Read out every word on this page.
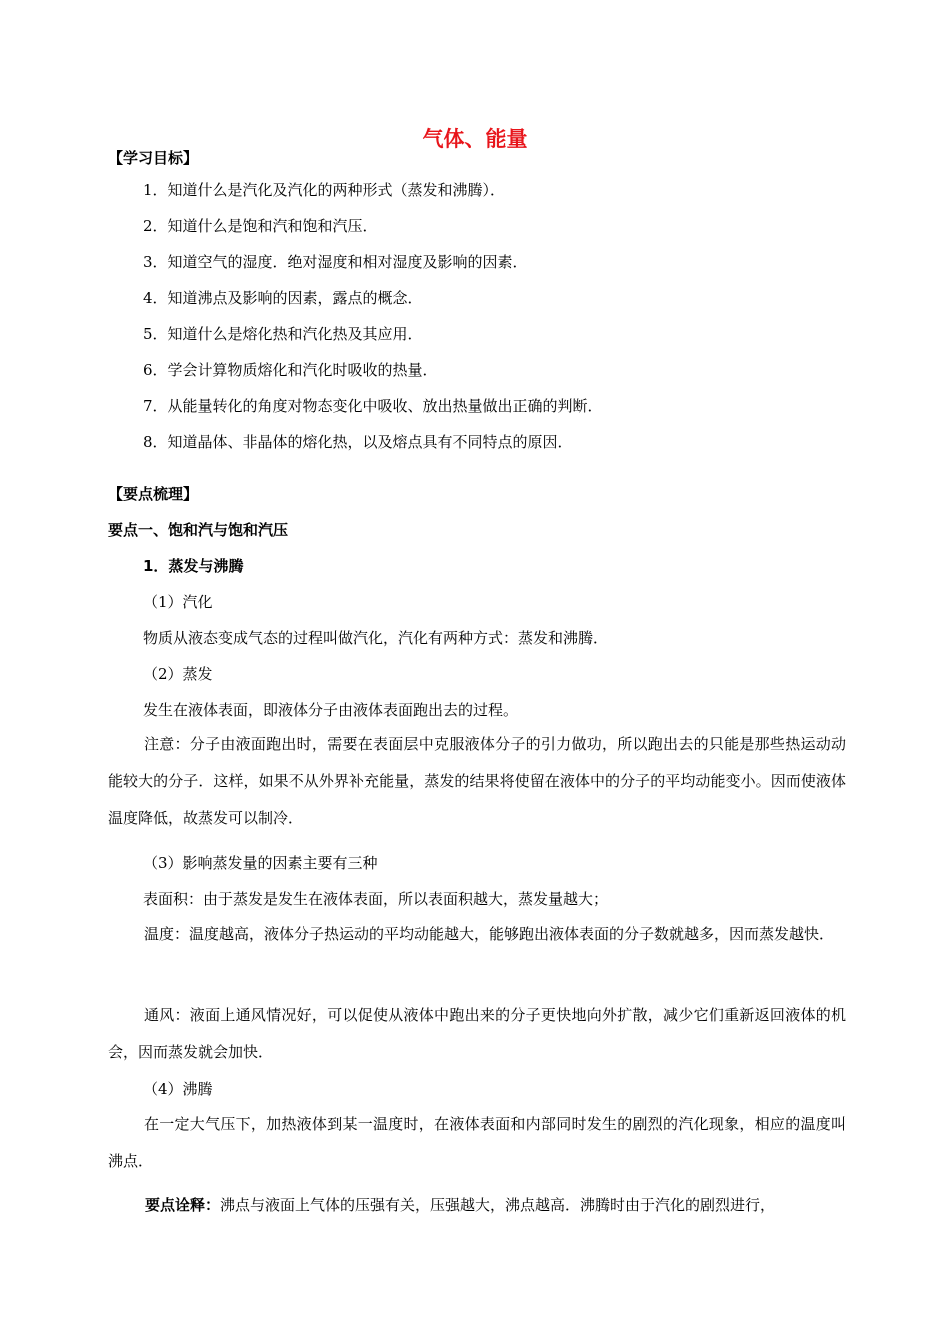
气体、能量
【学习目标】
1．知道什么是汽化及汽化的两种形式（蒸发和沸腾）．
2．知道什么是饱和汽和饱和汽压．
3．知道空气的湿度．绝对湿度和相对湿度及影响的因素．
4．知道沸点及影响的因素，露点的概念．
5．知道什么是熔化热和汽化热及其应用．
6．学会计算物质熔化和汽化时吸收的热量．
7．从能量转化的角度对物态变化中吸收、放出热量做出正确的判断．
8．知道晶体、非晶体的熔化热，以及熔点具有不同特点的原因．
【要点梳理】
要点一、饱和汽与饱和汽压
1．蒸发与沸腾
（1）汽化
物质从液态变成气态的过程叫做汽化，汽化有两种方式：蒸发和沸腾．
（2）蒸发
发生在液体表面，即液体分子由液体表面跑出去的过程。
注意：分子由液面跑出时，需要在表面层中克服液体分子的引力做功，所以跑出去的只能是那些热运动动能较大的分子．这样，如果不从外界补充能量，蒸发的结果将使留在液体中的分子的平均动能变小。因而使液体温度降低，故蒸发可以制冷．
（3）影响蒸发量的因素主要有三种
表面积：由于蒸发是发生在液体表面，所以表面积越大，蒸发量越大；
温度：温度越高，液体分子热运动的平均动能越大，能够跑出液体表面的分子数就越多，因而蒸发越快．
通风：液面上通风情况好，可以促使从液体中跑出来的分子更快地向外扩散，减少它们重新返回液体的机会，因而蒸发就会加快．
（4）沸腾
在一定大气压下，加热液体到某一温度时，在液体表面和内部同时发生的剧烈的汽化现象，相应的温度叫沸点．
要点诠释：沸点与液面上气体的压强有关，压强越大，沸点越高．沸腾时由于汽化的剧烈进行，
